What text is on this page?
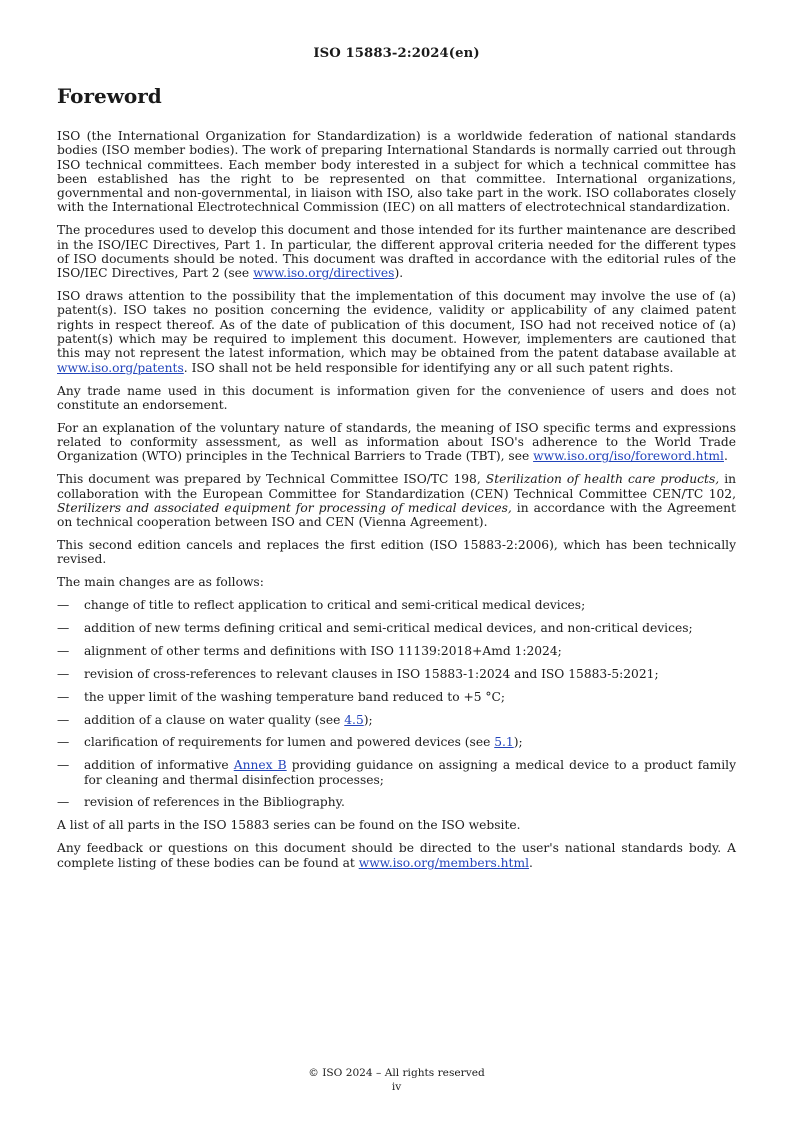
ISO 15883-2:2024(en)
Foreword

ISO (the International Organization for Standardization) is a worldwide federation of national standards bodies (ISO member bodies). The work of preparing International Standards is normally carried out through ISO technical committees. Each member body interested in a subject for which a technical committee has been established has the right to be represented on that committee. International organizations, governmental and non-governmental, in liaison with ISO, also take part in the work. ISO collaborates closely with the International Electrotechnical Commission (IEC) on all matters of electrotechnical standardization.

The procedures used to develop this document and those intended for its further maintenance are described in the ISO/IEC Directives, Part 1. In particular, the different approval criteria needed for the different types of ISO documents should be noted. This document was drafted in accordance with the editorial rules of the ISO/IEC Directives, Part 2 (see www.iso.org/directives).

ISO draws attention to the possibility that the implementation of this document may involve the use of (a) patent(s). ISO takes no position concerning the evidence, validity or applicability of any claimed patent rights in respect thereof. As of the date of publication of this document, ISO had not received notice of (a) patent(s) which may be required to implement this document. However, implementers are cautioned that this may not represent the latest information, which may be obtained from the patent database available at www.iso.org/patents. ISO shall not be held responsible for identifying any or all such patent rights.

Any trade name used in this document is information given for the convenience of users and does not constitute an endorsement.

For an explanation of the voluntary nature of standards, the meaning of ISO specific terms and expressions related to conformity assessment, as well as information about ISO's adherence to the World Trade Organization (WTO) principles in the Technical Barriers to Trade (TBT), see www.iso.org/iso/foreword.html.

This document was prepared by Technical Committee ISO/TC 198, Sterilization of health care products, in collaboration with the European Committee for Standardization (CEN) Technical Committee CEN/TC 102, Sterilizers and associated equipment for processing of medical devices, in accordance with the Agreement on technical cooperation between ISO and CEN (Vienna Agreement).

This second edition cancels and replaces the first edition (ISO 15883-2:2006), which has been technically revised.

The main changes are as follows:

—	change of title to reflect application to critical and semi-critical medical devices;
—	addition of new terms defining critical and semi-critical medical devices, and non-critical devices;
—	alignment of other terms and definitions with ISO 11139:2018+Amd 1:2024;
—	revision of cross-references to relevant clauses in ISO 15883-1:2024 and ISO 15883-5:2021;
—	the upper limit of the washing temperature band reduced to +5 °C;
—	addition of a clause on water quality (see 4.5);
—	clarification of requirements for lumen and powered devices (see 5.1);
—	addition of informative Annex B providing guidance on assigning a medical device to a product family for cleaning and thermal disinfection processes;
—	revision of references in the Bibliography.

A list of all parts in the ISO 15883 series can be found on the ISO website.

Any feedback or questions on this document should be directed to the user's national standards body. A complete listing of these bodies can be found at www.iso.org/members.html.

© ISO 2024 – All rights reserved
iv
